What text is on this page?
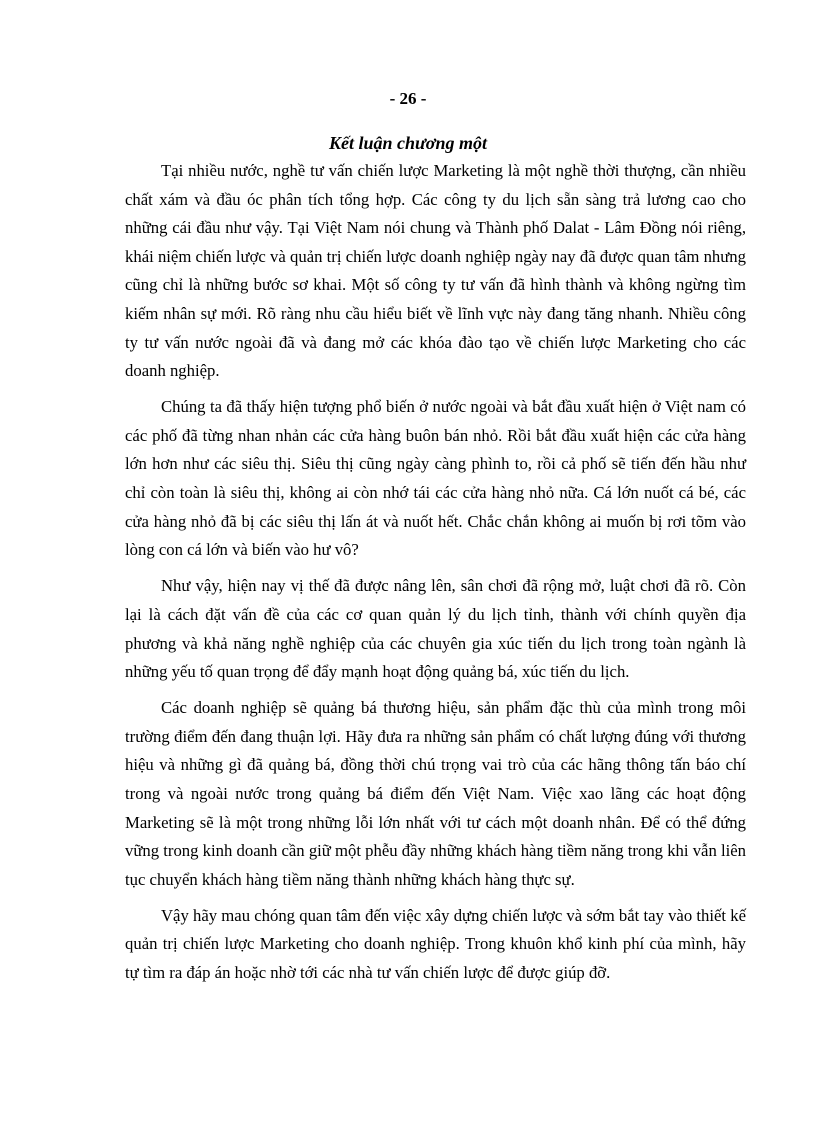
- 26 -
Kết luận chương một

Tại nhiều nước, nghề tư vấn chiến lược Marketing là một nghề thời thượng, cần nhiều chất xám và đầu óc phân tích tổng hợp. Các công ty du lịch sẵn sàng trả lương cao cho những cái đầu như vậy. Tại Việt Nam nói chung và Thành phố Dalat - Lâm Đồng nói riêng, khái niệm chiến lược và quản trị chiến lược doanh nghiệp ngày nay đã được quan tâm nhưng cũng chỉ là những bước sơ khai. Một số công ty tư vấn đã hình thành và không ngừng tìm kiếm nhân sự mới. Rõ ràng nhu cầu hiểu biết về lĩnh vực này đang tăng nhanh. Nhiều công ty tư vấn nước ngoài đã và đang mở các khóa đào tạo về chiến lược Marketing cho các doanh nghiệp.

Chúng ta đã thấy hiện tượng phổ biến ở nước ngoài và bắt đầu xuất hiện ở Việt nam có các phố đã từng nhan nhản các cửa hàng buôn bán nhỏ. Rồi bắt đầu xuất hiện các cửa hàng lớn hơn như các siêu thị. Siêu thị cũng ngày càng phình to, rồi cả phố sẽ tiến đến hầu như chỉ còn toàn là siêu thị, không ai còn nhớ tái các cửa hàng nhỏ nữa. Cá lớn nuốt cá bé, các cửa hàng nhỏ đã bị các siêu thị lấn át và nuốt hết. Chắc chắn không ai muốn bị rơi tõm vào lòng con cá lớn và biến vào hư vô?

Như vậy, hiện nay vị thế đã được nâng lên, sân chơi đã rộng mở, luật chơi đã rõ. Còn lại là cách đặt vấn đề của các cơ quan quản lý du lịch tỉnh, thành với chính quyền địa phương và khả năng nghề nghiệp của các chuyên gia xúc tiến du lịch trong toàn ngành là những yếu tố quan trọng để đẩy mạnh hoạt động quảng bá, xúc tiến du lịch.

Các doanh nghiệp sẽ quảng bá thương hiệu, sản phẩm đặc thù của mình trong môi trường điểm đến đang thuận lợi. Hãy đưa ra những sản phẩm có chất lượng đúng với thương hiệu và những gì đã quảng bá, đồng thời chú trọng vai trò của các hãng thông tấn báo chí trong và ngoài nước trong quảng bá điểm đến Việt Nam. Việc xao lãng các hoạt động Marketing sẽ là một trong những lỗi lớn nhất với tư cách một doanh nhân. Để có thể đứng vững trong kinh doanh cần giữ một phễu đầy những khách hàng tiềm năng trong khi vẫn liên tục chuyển khách hàng tiềm năng thành những khách hàng thực sự.

Vậy hãy mau chóng quan tâm đến việc xây dựng chiến lược và sớm bắt tay vào thiết kế quản trị chiến lược Marketing cho doanh nghiệp. Trong khuôn khổ kinh phí của mình, hãy tự tìm ra đáp án hoặc nhờ tới các nhà tư vấn chiến lược để được giúp đỡ.
